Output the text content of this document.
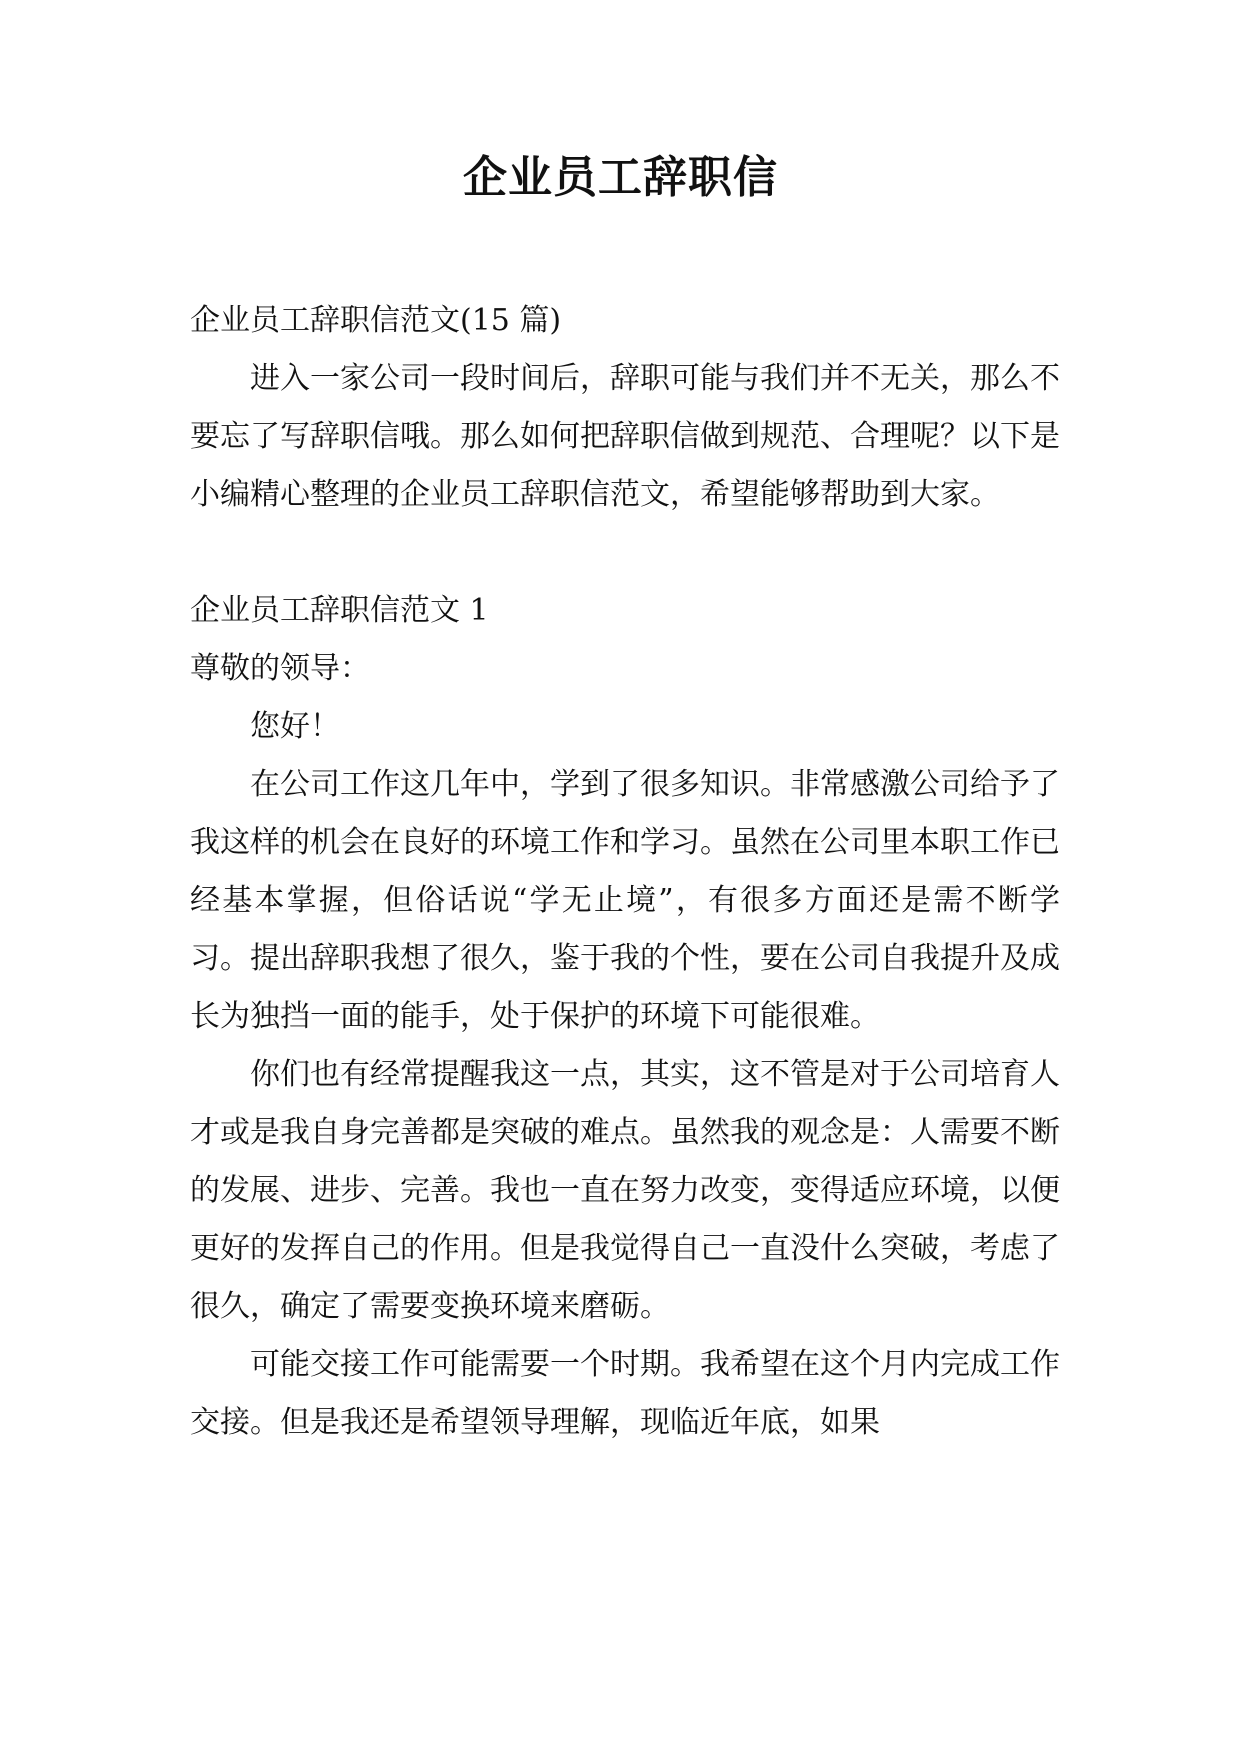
企业员工辞职信

企业员工辞职信范文(15 篇)

进入一家公司一段时间后，辞职可能与我们并不无关，那么不要忘了写辞职信哦。那么如何把辞职信做到规范、合理呢？以下是小编精心整理的企业员工辞职信范文，希望能够帮助到大家。

企业员工辞职信范文 1

尊敬的领导：

您好！

在公司工作这几年中，学到了很多知识。非常感激公司给予了我这样的机会在良好的环境工作和学习。虽然在公司里本职工作已经基本掌握，但俗话说“学无止境”，有很多方面还是需不断学习。提出辞职我想了很久，鉴于我的个性，要在公司自我提升及成长为独挡一面的能手，处于保护的环境下可能很难。

你们也有经常提醒我这一点，其实，这不管是对于公司培育人才或是我自身完善都是突破的难点。虽然我的观念是：人需要不断的发展、进步、完善。我也一直在努力改变，变得适应环境，以便更好的发挥自己的作用。但是我觉得自己一直没什么突破，考虑了很久，确定了需要变换环境来磨砺。

可能交接工作可能需要一个时期。我希望在这个月内完成工作交接。但是我还是希望领导理解，现临近年底，如果
